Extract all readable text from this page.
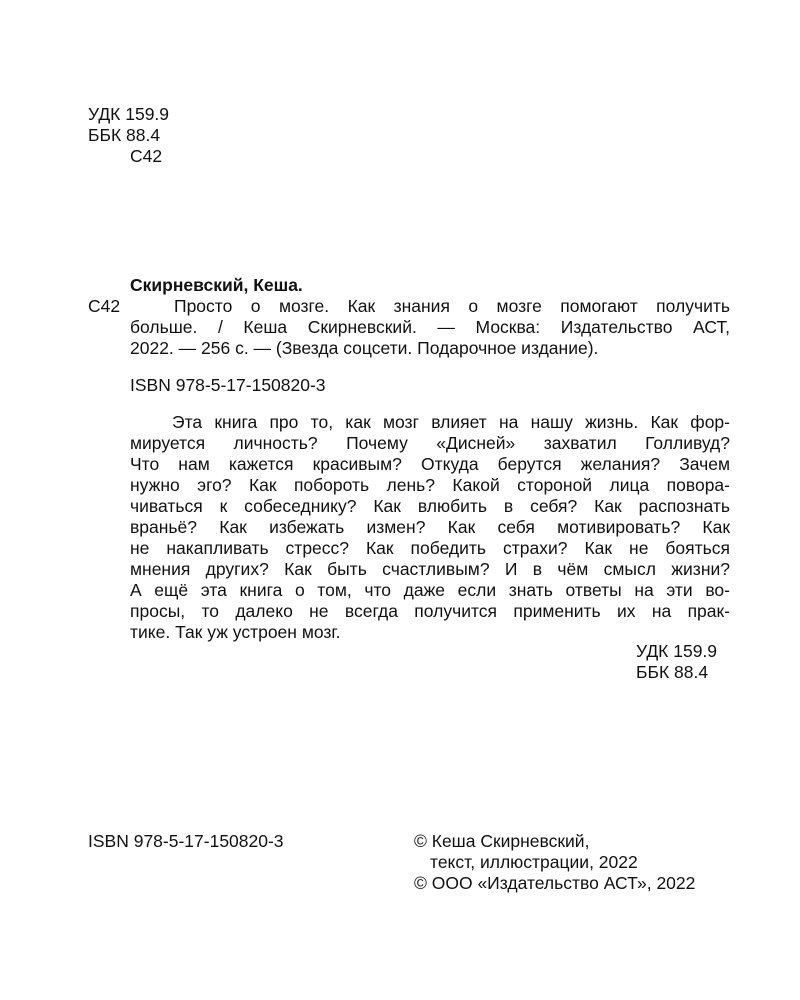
УДК 159.9
ББК 88.4
С42
Скирневский, Кеша.
С42	Просто о мозге. Как знания о мозге помогают получить
больше. / Кеша Скирневский. — Москва: Издательство АСТ,
2022. — 256 с. — (Звезда соцсети. Подарочное издание).
ISBN 978-5-17-150820-3
Эта книга про то, как мозг влияет на нашу жизнь. Как фор-
мируется личность? Почему «Дисней» захватил Голливуд?
Что нам кажется красивым? Откуда берутся желания? Зачем
нужно эго? Как побороть лень? Какой стороной лица повора-
чиваться к собеседнику? Как влюбить в себя? Как распознать
враньё? Как избежать измен? Как себя мотивировать? Как
не накапливать стресс? Как победить страхи? Как не бояться
мнения других? Как быть счастливым? И в чём смысл жизни?
А ещё эта книга о том, что даже если знать ответы на эти во-
просы, то далеко не всегда получится применить их на прак-
тике. Так уж устроен мозг.
УДК 159.9
ББК 88.4
ISBN 978-5-17-150820-3	© Кеша Скирневский,
текст, иллюстрации, 2022
© ООО «Издательство АСТ», 2022
